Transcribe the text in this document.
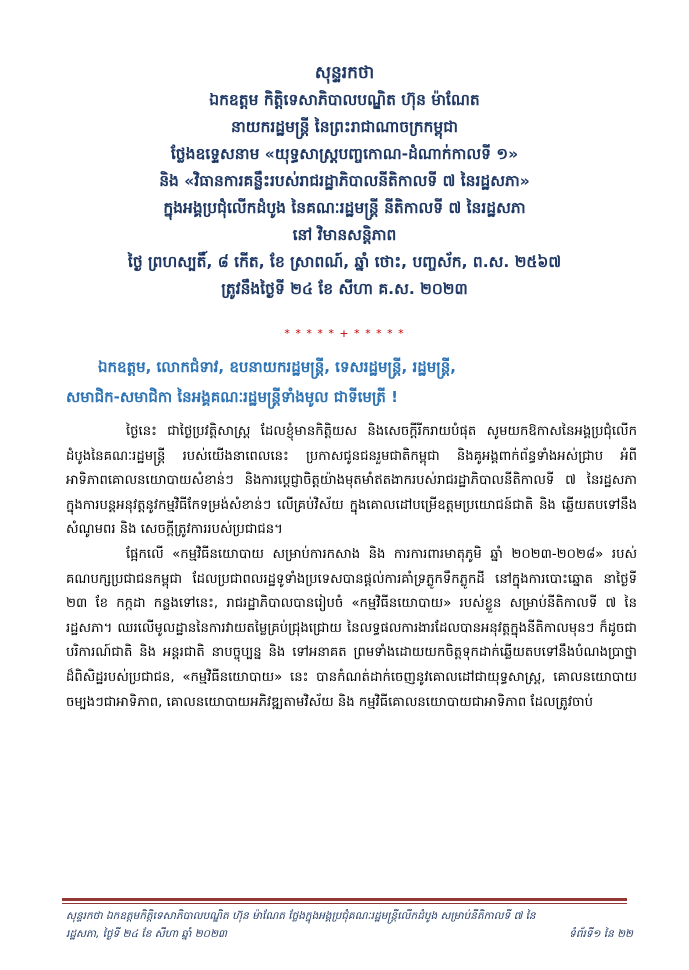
សុន្ទរកថា
ឯកឧត្តម កិត្តិទេសាភិបាលបណ្ឌិត ហ៊ុន ម៉ាណែត
នាយករដ្ឋមន្រ្តី នៃព្រះរាជាណាចក្រកម្ពុជា
ថ្លែងឧទ្ទេសនាម «យុទ្ធសាស្រ្តបញ្ចកោណ-ដំណាក់កាលទី ១»
និង «វិធានការគន្លឹះរបស់រាជរដ្ឋាភិបាលនីតិកាលទី ៧ នៃរដ្ឋសភា»
ក្នុងអង្គប្រជុំលើកដំបូង នៃគណៈរដ្ឋមន្រ្តី នីតិកាលទី ៧ នៃរដ្ឋសភា
នៅ វិមានសន្តិភាព
ថ្ងៃ ព្រហស្បតិ៍, ៨ កើត, ខែ ស្រាពណ៍, ឆ្នាំ ថោះ, បញ្ចស័ក, ព.ស. ២៥៦៧
ត្រូវនឹងថ្ងៃទី ២៤ ខែ សីហា គ.ស. ២០២៣
* * * * * + * * * * *
ឯកឧត្តម, លោកជំទាវ, ឧបនាយករដ្ឋមន្រ្តី, ទេសរដ្ឋមន្រ្តី, រដ្ឋមន្រ្តី,
សមាជិក-សមាជិកា នៃអង្គគណៈរដ្ឋមន្រ្តីទាំងមូល ជាទីមេត្រី !

ថ្ងៃនេះ ជាថ្ងៃប្រវត្តិសាស្រ្ត ដែលខ្ញុំមានកិត្តិយស និងសេចក្តីរីករាយបំផុត សូមយកឱកាសនៃអង្គប្រជុំលើកដំបូងនៃគណៈរដ្ឋមន្រ្តី របស់យើងនាពេលនេះ ប្រកាសជូនជនរួមជាតិកម្ពុជា និងគូអង្គពាក់ព័ន្ធទាំងអស់ជ្រាប អំពីអាទិភាពគោលនយោបាយសំខាន់ៗ និងការប្តេជ្ញាចិត្តយ៉ាងមុតមាំឥតងាករបស់រាជរដ្ឋាភិបាលនីតិកាលទី ៧ នៃរដ្ឋសភា ក្នុងការបន្តអនុវត្តនូវកម្មវិធីកែទម្រង់សំខាន់ៗ លើគ្រប់វិស័យ ក្នុងគោលដៅបម្រើឧត្តមប្រយោជន៍ជាតិ និង ឆ្លើយតបទៅនឹងសំណូមពរ និង សេចក្តីត្រូវការរបស់ប្រជាជន។

ផ្អែកលើ «កម្មវិធីនយោបាយ សម្រាប់ការកសាង និង ការការពារមាតុភូមិ ឆ្នាំ ២០២៣-២០២៨» របស់គណបក្សប្រជាជនកម្ពុជា ដែលប្រជាពលរដ្ឋទូទាំងប្រទេសបានផ្តល់ការគាំទ្រភ្លូកទឹកភ្លូកដី នៅក្នុងការបោះឆ្នោត នាថ្ងៃទី ២៣ ខែ កក្កដា កន្លងទៅនេះ, រាជរដ្ឋាភិបាលបានរៀបចំ «កម្មវិធីនយោបាយ» របស់ខ្លួន សម្រាប់នីតិកាលទី ៧ នៃរដ្ឋសភា។ ឈរលើមូលដ្ឋាននៃការវាយតម្លៃគ្រប់ជ្រុងជ្រោយ នៃលទ្ធផលការងារដែលបានអនុវត្តក្នុងនីតិកាលមុនៗ ក៏ដូចជាបរិការណ៍ជាតិ និង អន្តរជាតិ នាបច្ចុប្បន្ន និង ទៅអនាគត ព្រមទាំងដោយយកចិត្តទុកដាក់ឆ្លើយតបទៅនឹងបំណងប្រាថ្នាដ៏ពិសិដ្ឋរបស់ប្រជាជន, «កម្មវិធីនយោបាយ» នេះ បានកំណត់ដាក់ចេញនូវគោលដៅជាយុទ្ធសាស្ត្រ, គោលនយោបាយចម្បងៗជាអាទិភាព, គោលនយោបាយអភិវឌ្ឍតាមវិស័យ និង កម្មវិធីគោលនយោបាយជាអាទិភាព ដែលត្រូវចាប់

សុន្ទរកថា ឯកឧត្តមកិត្តិទេសាភិបាលបណ្ឌិត ហ៊ុន ម៉ាណែត ថ្លែងក្នុងអង្គប្រជុំគណៈរដ្ឋមន្រ្តីលើកដំបូង សម្រាប់នីតិកាលទី ៧ នៃ
រដ្ឋសភា, ថ្ងៃទី ២៤ ខែ សីហា ឆ្នាំ ២០២៣	ទំព័រទី១ នៃ ២២
